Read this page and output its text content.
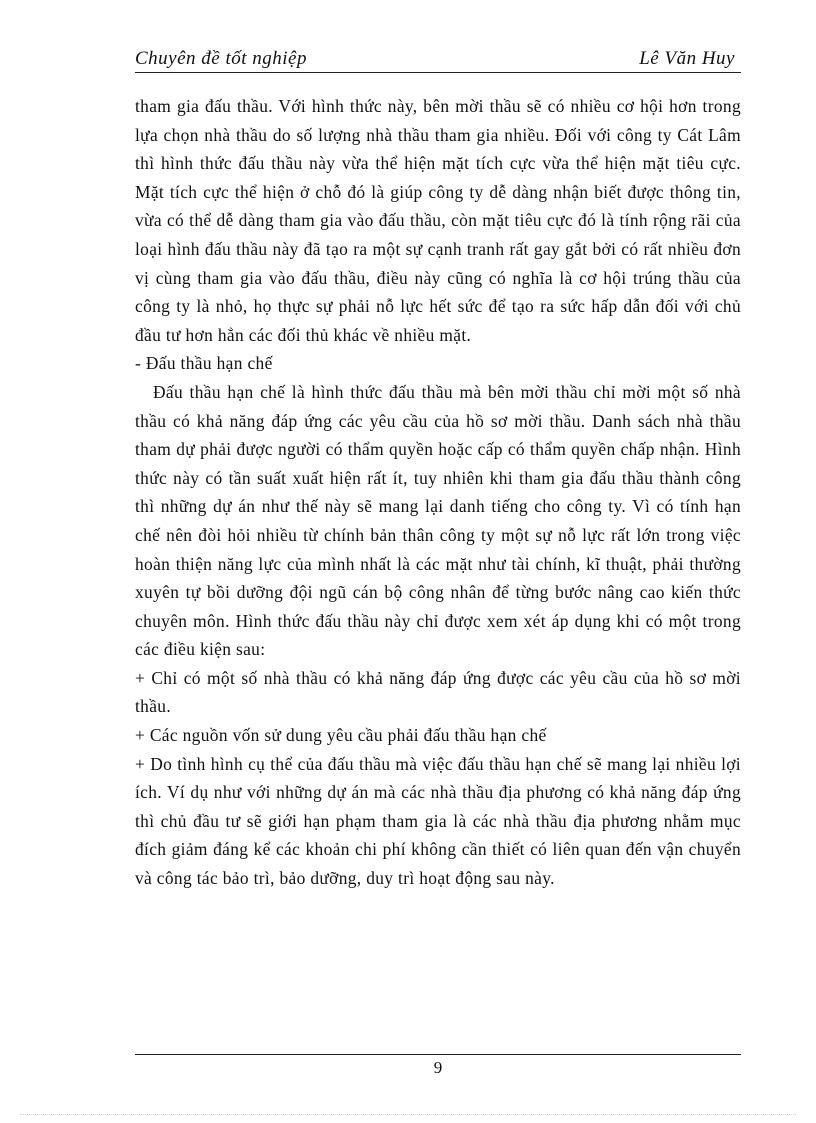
Chuyên đề tốt nghiệp	Lê Văn Huy

tham gia đấu thầu. Với hình thức này, bên mời thầu sẽ có nhiều cơ hội hơn trong lựa chọn nhà thầu do số lượng nhà thầu tham gia nhiều. Đối với công ty Cát Lâm thì hình thức đấu thầu này vừa thể hiện mặt tích cực vừa thể hiện mặt tiêu cực. Mặt tích cực thể hiện ở chỗ đó là giúp công ty dễ dàng nhận biết được thông tin, vừa có thể dễ dàng tham gia vào đấu thầu, còn mặt tiêu cực đó là tính rộng rãi của loại hình đấu thầu này đã tạo ra một sự cạnh tranh rất gay gắt bởi có rất nhiều đơn vị cùng tham gia vào đấu thầu, điều này cũng có nghĩa là cơ hội trúng thầu của công ty là nhỏ, họ thực sự phải nỗ lực hết sức để tạo ra sức hấp dẫn đối với chủ đầu tư hơn hẳn các đối thủ khác về nhiều mặt.

- Đấu thầu hạn chế

Đấu thầu hạn chế là hình thức đấu thầu mà bên mời thầu chỉ mời một số nhà thầu có khả năng đáp ứng các yêu cầu của hồ sơ mời thầu. Danh sách nhà thầu tham dự phải được người có thẩm quyền hoặc cấp có thẩm quyền chấp nhận. Hình thức này có tần suất xuất hiện rất ít, tuy nhiên khi tham gia đấu thầu thành công thì những dự án như thế này sẽ mang lại danh tiếng cho công ty. Vì có tính hạn chế nên đòi hỏi nhiều từ chính bản thân công ty một sự nỗ lực rất lớn trong việc hoàn thiện năng lực của mình nhất là các mặt như tài chính, kĩ thuật, phải thường xuyên tự bồi dưỡng đội ngũ cán bộ công nhân để từng bước nâng cao kiến thức chuyên môn. Hình thức đấu thầu này chỉ được xem xét áp dụng khi có một trong các điều kiện sau:

+ Chỉ có một số nhà thầu có khả năng đáp ứng được các yêu cầu của hồ sơ mời thầu.

+ Các nguồn vốn sử dung yêu cầu phải đấu thầu hạn chế

+ Do tình hình cụ thể của đấu thầu mà việc đấu thầu hạn chế sẽ mang lại nhiều lợi ích. Ví dụ như với những dự án mà các nhà thầu địa phương có khả năng đáp ứng thì chủ đầu tư sẽ giới hạn phạm tham gia là các nhà thầu địa phương nhằm mục đích giảm đáng kể các khoản chi phí không cần thiết có liên quan đến vận chuyển và công tác bảo trì, bảo dưỡng, duy trì hoạt động sau này.

9
